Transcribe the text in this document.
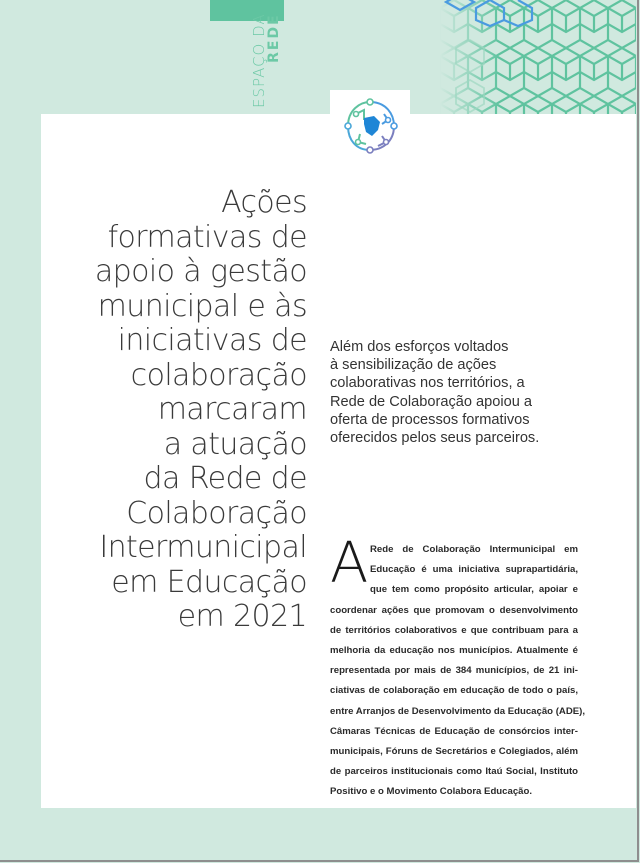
ESPAÇO DA
REDE
Ações
formativas de
apoio à gestão
municipal e às
iniciativas de
colaboração
marcaram
a atuação
da Rede de
Colaboração
Intermunicipal
em Educação
em 2021
Além dos esforços voltados
à sensibilização de ações
colaborativas nos territórios, a
Rede de Colaboração apoiou a
oferta de processos formativos
oferecidos pelos seus parceiros.
A Rede de Colaboração Intermunicipal em
Educação é uma iniciativa suprapartidária,
que tem como propósito articular, apoiar e
coordenar ações que promovam o desenvolvimento
de territórios colaborativos e que contribuam para a
melhoria da educação nos municípios. Atualmente é
representada por mais de 384 municípios, de 21 ini-
ciativas de colaboração em educação de todo o país,
entre Arranjos de Desenvolvimento da Educação (ADE),
Câmaras Técnicas de Educação de consórcios inter-
municipais, Fóruns de Secretários e Colegiados, além
de parceiros institucionais como Itaú Social, Instituto
Positivo e o Movimento Colabora Educação.
